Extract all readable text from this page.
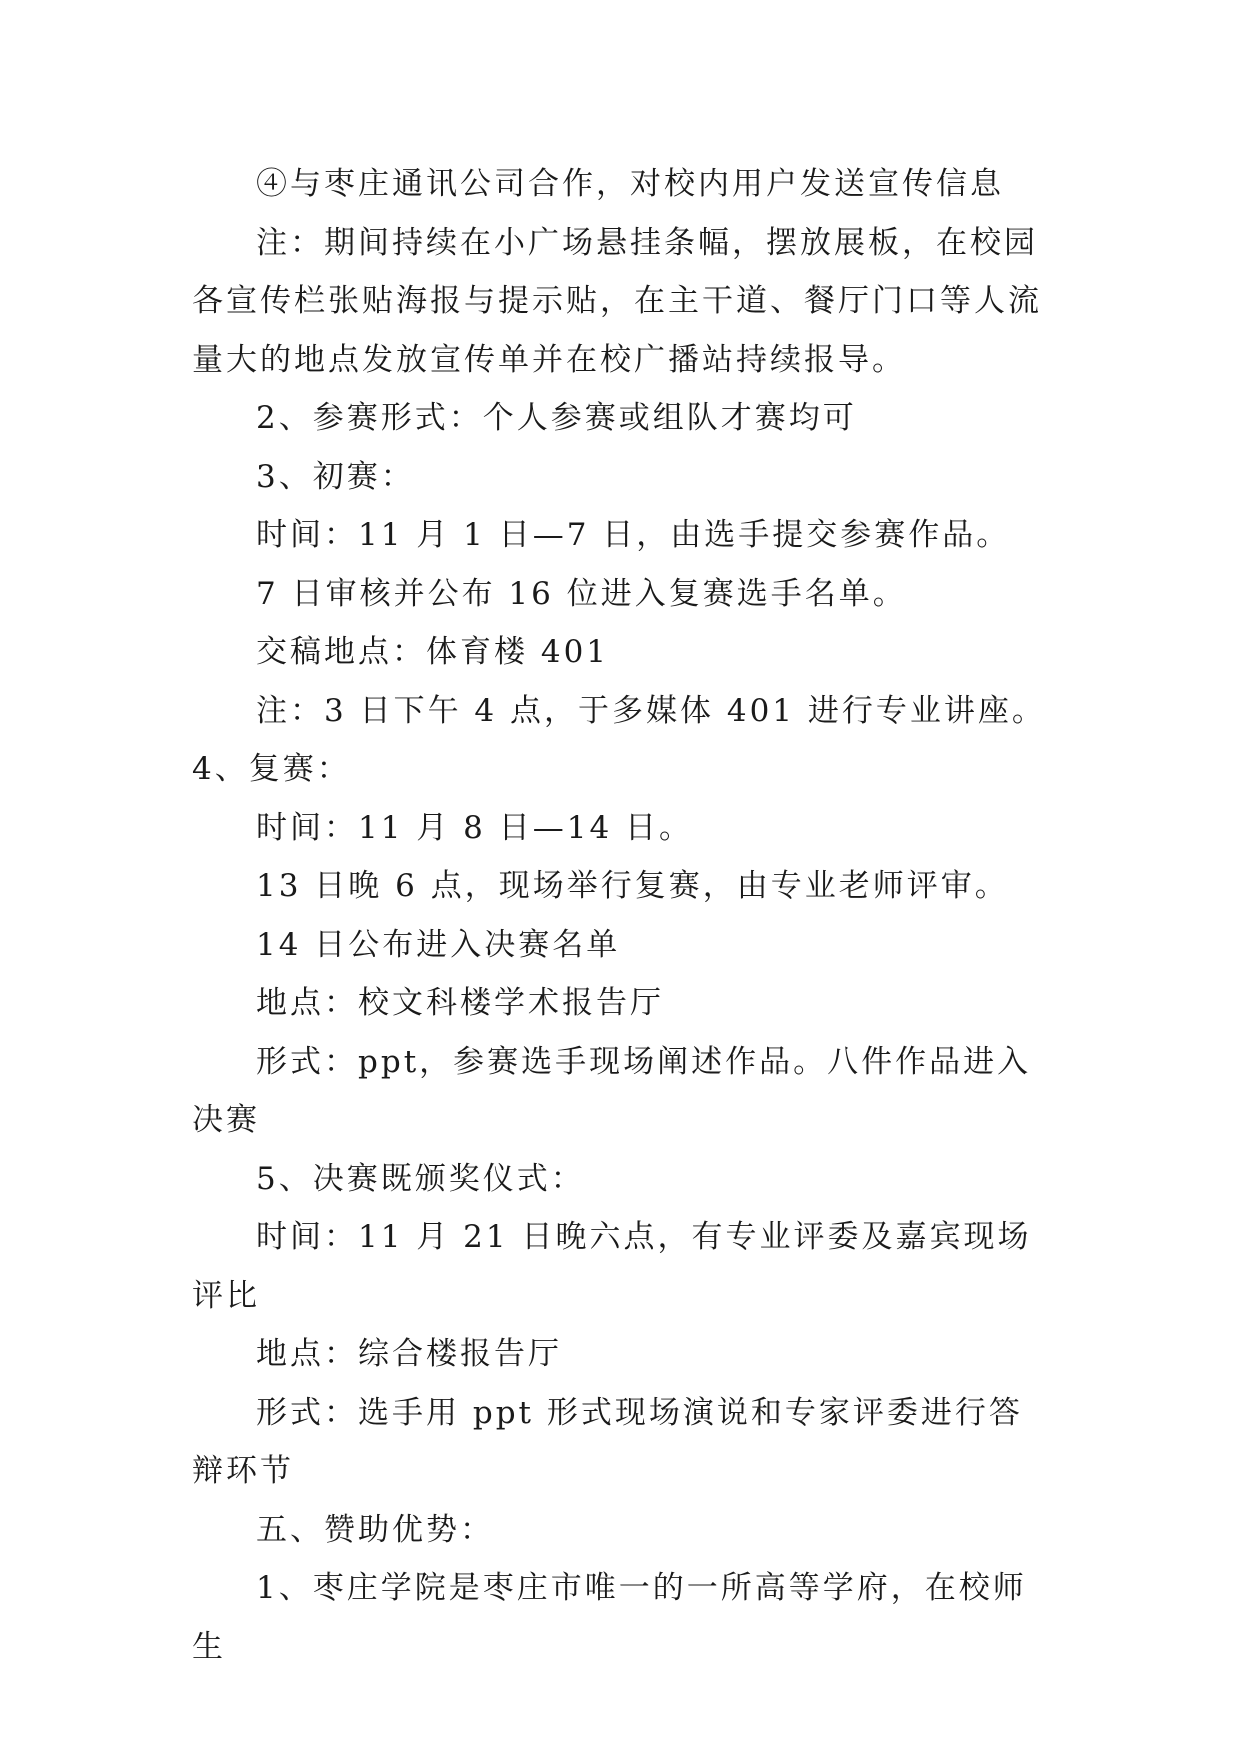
④与枣庄通讯公司合作，对校内用户发送宣传信息

注：期间持续在小广场悬挂条幅，摆放展板，在校园各宣传栏张贴海报与提示贴，在主干道、餐厅门口等人流量大的地点发放宣传单并在校广播站持续报导。

2、参赛形式：个人参赛或组队才赛均可

3、初赛：

时间：11 月 1 日—7 日，由选手提交参赛作品。

7 日审核并公布 16 位进入复赛选手名单。

交稿地点：体育楼 401

注：3 日下午 4 点，于多媒体 401 进行专业讲座。4、复赛：

时间：11 月 8 日—14 日。

13 日晚 6 点，现场举行复赛，由专业老师评审。

14 日公布进入决赛名单

地点：校文科楼学术报告厅

形式：ppt，参赛选手现场阐述作品。八件作品进入决赛

5、决赛既颁奖仪式：

时间：11 月 21 日晚六点，有专业评委及嘉宾现场评比

地点：综合楼报告厅

形式：选手用 ppt 形式现场演说和专家评委进行答辩环节

五、赞助优势：

1、枣庄学院是枣庄市唯一的一所高等学府，在校师生
